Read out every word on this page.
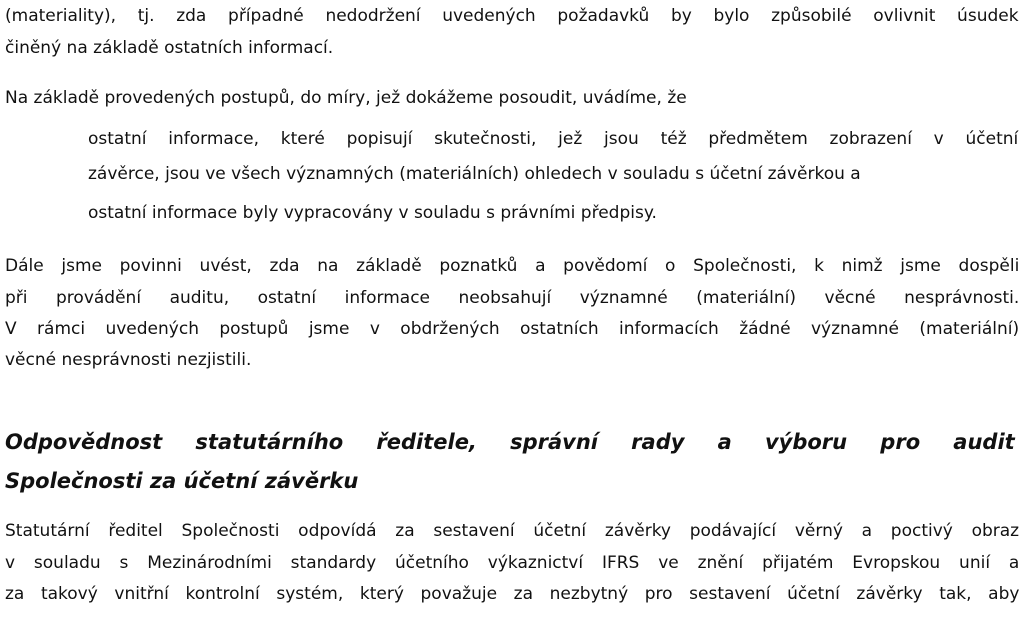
(materiality), tj. zda případné nedodržení uvedených požadavků by bylo způsobilé ovlivnit úsudek
činěný na základě ostatních informací.
Na základě provedených postupů, do míry, jež dokážeme posoudit, uvádíme, že
ostatní informace, které popisují skutečnosti, jež jsou též předmětem zobrazení v účetní
závěrce, jsou ve všech významných (materiálních) ohledech v souladu s účetní závěrkou a
ostatní informace byly vypracovány v souladu s právními předpisy.
Dále jsme povinni uvést, zda na základě poznatků a povědomí o Společnosti, k nimž jsme dospěli
při provádění auditu, ostatní informace neobsahují významné (materiální) věcné nesprávnosti.
V rámci uvedených postupů jsme v obdržených ostatních informacích žádné významné (materiální)
věcné nesprávnosti nezjistili.
Odpovědnost statutárního ředitele, správní rady a výboru pro audit
Společnosti za účetní závěrku
Statutární ředitel Společnosti odpovídá za sestavení účetní závěrky podávající věrný a poctivý obraz
v souladu s Mezinárodními standardy účetního výkaznictví IFRS ve znění přijatém Evropskou unií a
za takový vnitřní kontrolní systém, který považuje za nezbytný pro sestavení účetní závěrky tak, aby
